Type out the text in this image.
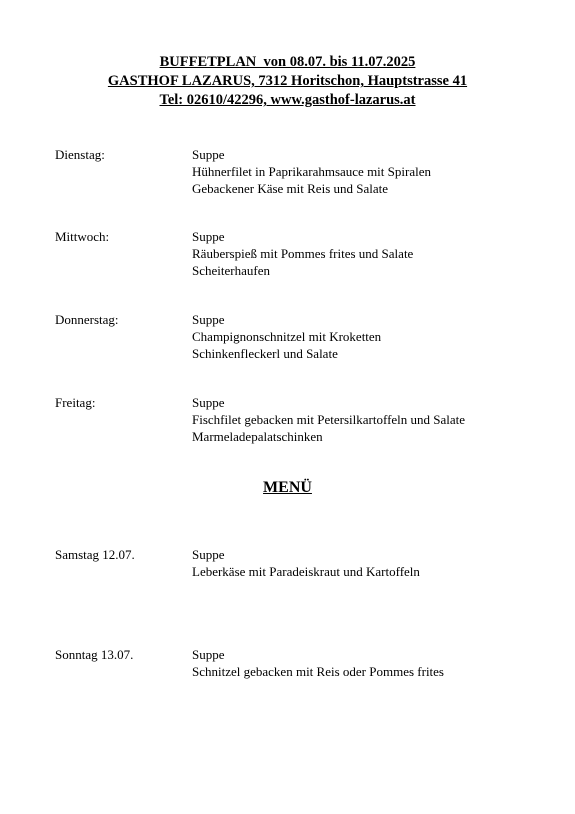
BUFFETPLAN  von 08.07. bis 11.07.2025
GASTHOF LAZARUS, 7312 Horitschon, Hauptstrasse 41
Tel: 02610/42296, www.gasthof-lazarus.at
Dienstag:	Suppe
Hühnerfilet in Paprikarahmsauce mit Spiralen
Gebackener Käse mit Reis und Salate
Mittwoch:	Suppe
Räuberspieß mit Pommes frites und Salate
Scheiterhaufen
Donnerstag:	Suppe
Champignonschnitzel mit Kroketten
Schinkenfleckerl und Salate
Freitag:	Suppe
Fischfilet gebacken mit Petersilkartoffeln und Salate
Marmeladepalatschinken
MENÜ
Samstag 12.07.	Suppe
Leberkäse mit Paradeiskraut und Kartoffeln
Sonntag 13.07.	Suppe
Schnitzel gebacken mit Reis oder Pommes frites
